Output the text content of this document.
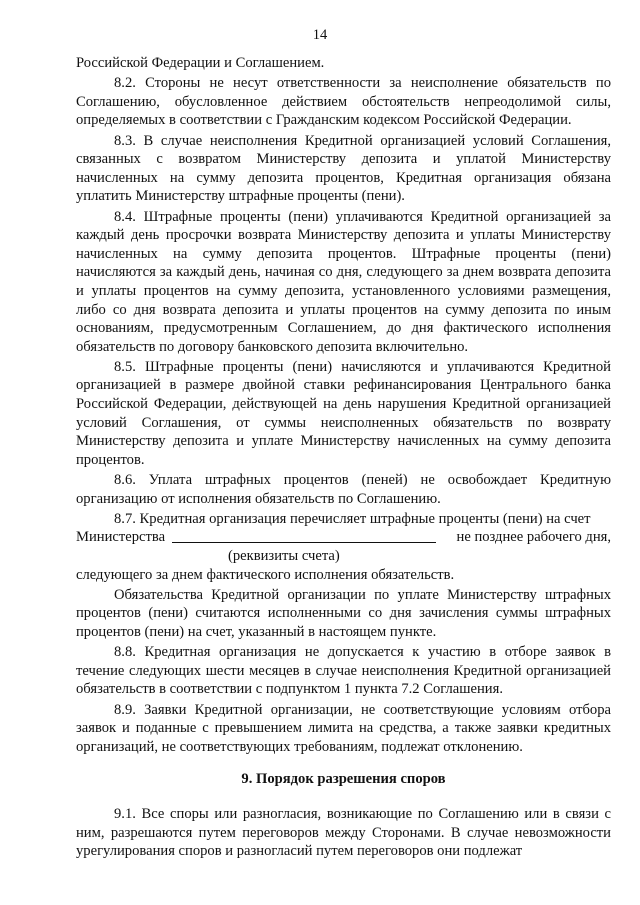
14

Российской Федерации и Соглашением.

8.2. Стороны не несут ответственности за неисполнение обязательств по Соглашению, обусловленное действием обстоятельств непреодолимой силы, определяемых в соответствии с Гражданским кодексом Российской Федерации.

8.3. В случае неисполнения Кредитной организацией условий Соглашения, связанных с возвратом Министерству депозита и уплатой Министерству начисленных на сумму депозита процентов, Кредитная организация обязана уплатить Министерству штрафные проценты (пени).

8.4. Штрафные проценты (пени) уплачиваются Кредитной организацией за каждый день просрочки возврата Министерству депозита и уплаты Министерству начисленных на сумму депозита процентов. Штрафные проценты (пени) начисляются за каждый день, начиная со дня, следующего за днем возврата депозита и уплаты процентов на сумму депозита, установленного условиями размещения, либо со дня возврата депозита и уплаты процентов на сумму депозита по иным основаниям, предусмотренным Соглашением, до дня фактического исполнения обязательств по договору банковского депозита включительно.

8.5. Штрафные проценты (пени) начисляются и уплачиваются Кредитной организацией в размере двойной ставки рефинансирования Центрального банка Российской Федерации, действующей на день нарушения Кредитной организацией условий Соглашения, от суммы неисполненных обязательств по возврату Министерству депозита и уплате Министерству начисленных на сумму депозита процентов.

8.6. Уплата штрафных процентов (пеней) не освобождает Кредитную организацию от исполнения обязательств по Соглашению.

8.7. Кредитная организация перечисляет штрафные проценты (пени) на счет

Министерства	не позднее рабочего дня,
(реквизиты счета)

следующего за днем фактического исполнения обязательств.

Обязательства Кредитной организации по уплате Министерству штрафных процентов (пени) считаются исполненными со дня зачисления суммы штрафных процентов (пени) на счет, указанный в настоящем пункте.

8.8. Кредитная организация не допускается к участию в отборе заявок в течение следующих шести месяцев в случае неисполнения Кредитной организацией обязательств в соответствии с подпунктом 1 пункта 7.2 Соглашения.

8.9. Заявки Кредитной организации, не соответствующие условиям отбора заявок и поданные с превышением лимита на средства, а также заявки кредитных организаций, не соответствующих требованиям, подлежат отклонению.

9. Порядок разрешения споров

9.1. Все споры или разногласия, возникающие по Соглашению или в связи с ним, разрешаются путем переговоров между Сторонами. В случае невозможности урегулирования споров и разногласий путем переговоров они подлежат
